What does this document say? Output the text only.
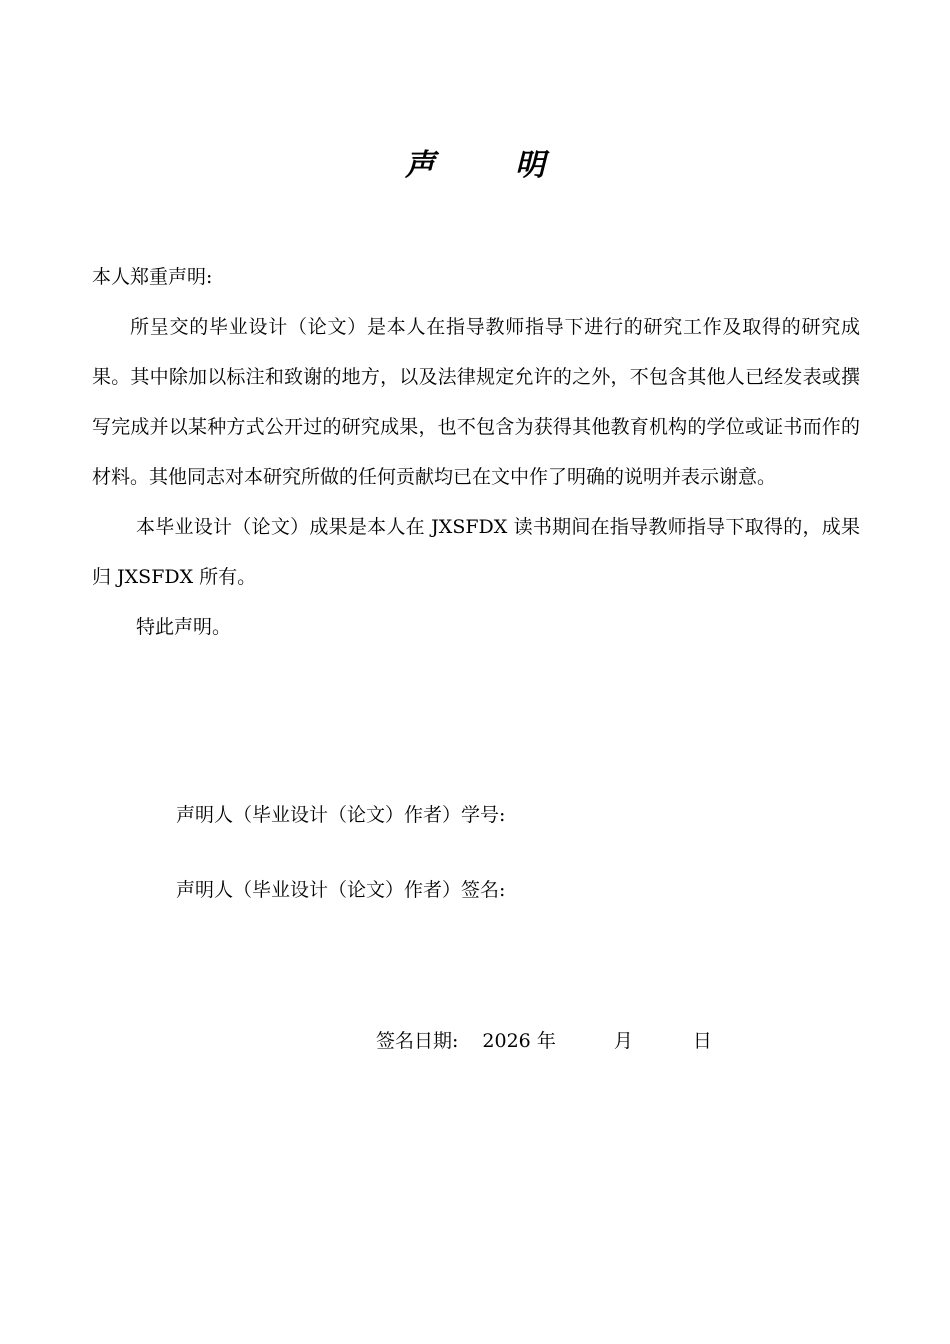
声	明

本人郑重声明:

所呈交的毕业设计（论文）是本人在指导教师指导下进行的研究工作及取得的研究成果。其中除加以标注和致谢的地方，以及法律规定允许的之外，不包含其他人已经发表或撰写完成并以某种方式公开过的研究成果，也不包含为获得其他教育机构的学位或证书而作的材料。其他同志对本研究所做的任何贡献均已在文中作了明确的说明并表示谢意。

本毕业设计（论文）成果是本人在 JXSFDX 读书期间在指导教师指导下取得的，成果归 JXSFDX 所有。

特此声明。

声明人（毕业设计（论文）作者）学号:
声明人（毕业设计（论文）作者）签名:
签名日期: 2026 年	月	日
